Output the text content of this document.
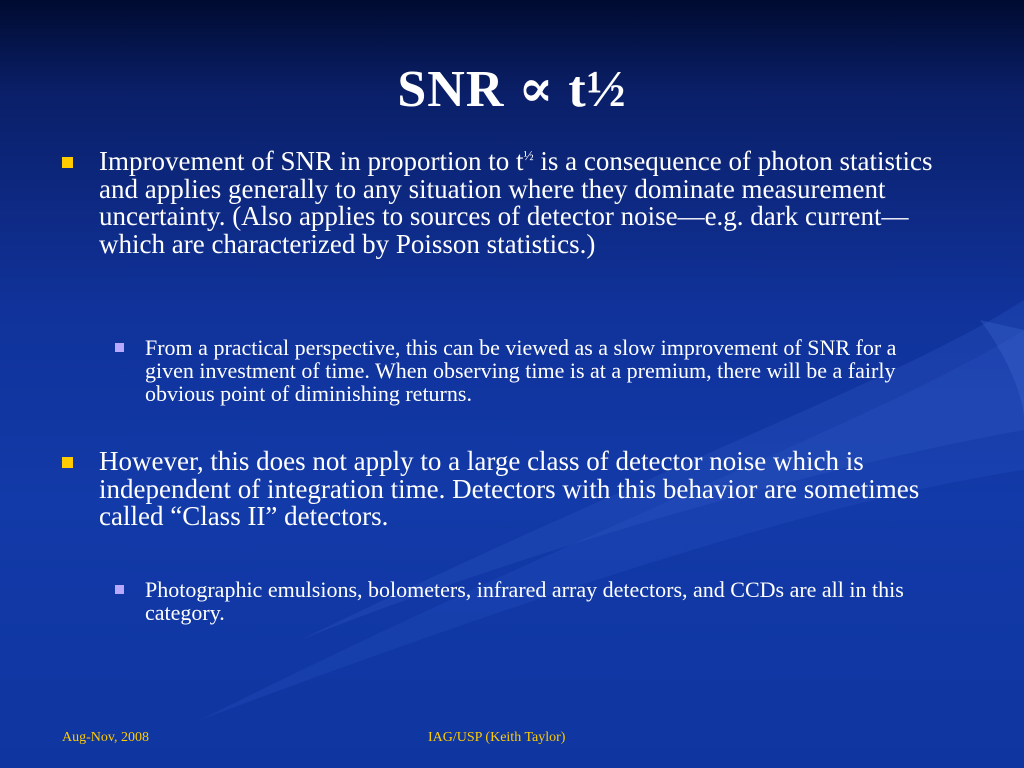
SNR ∝ t½
Improvement of SNR in proportion to $t^{\frac{1}{2}}$ is a consequence of photon statistics and applies generally to any situation where they dominate measurement uncertainty. (Also applies to sources of detector noise—e.g. dark current—which are characterized by Poisson statistics.)
From a practical perspective, this can be viewed as a slow improvement of SNR for a given investment of time. When observing time is at a premium, there will be a fairly obvious point of diminishing returns.
However, this does not apply to a large class of detector noise which is independent of integration time. Detectors with this behavior are sometimes called “Class II” detectors.
Photographic emulsions, bolometers, infrared array detectors, and CCDs are all in this category.
Aug-Nov, 2008	IAG/USP (Keith Taylor)
